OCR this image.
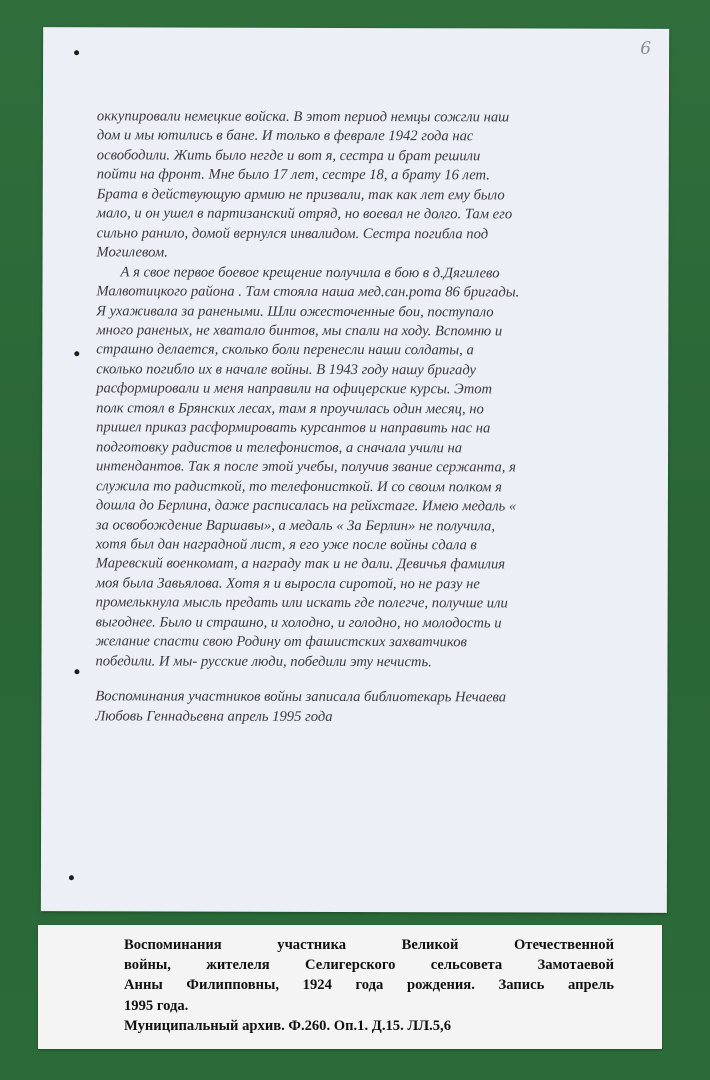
6
оккупировали немецкие войска. В этот период немцы сожгли наш
дом и мы ютились в бане. И только в феврале 1942 года нас
освободили. Жить было негде и вот я, сестра и брат решили
пойти на фронт. Мне было 17 лет, сестре 18, а брату 16 лет.
Брата в действующую армию не призвали, так как лет ему было
мало, и он ушел в партизанский отряд, но воевал не долго. Там его
сильно ранило, домой вернулся инвалидом. Сестра погибла под
Могилевом.
А я свое первое боевое крещение получила в бою в д.Дягилево
Малвотицкого района . Там стояла наша мед.сан.рота 86 бригады.
Я ухаживала за ранеными. Шли ожесточенные бои, поступало
много раненых, не хватало бинтов, мы спали на ходу. Вспомню и
страшно делается, сколько боли перенесли наши солдаты, а
сколько погибло их в начале войны. В 1943 году нашу бригаду
расформировали и меня направили на офицерские курсы. Этот
полк стоял в Брянских лесах, там я проучилась один месяц, но
пришел приказ расформировать курсантов и направить нас на
подготовку радистов и телефонистов, а сначала учили на
интендантов. Так я после этой учебы, получив звание сержанта, я
служила то радисткой, то телефонисткой. И со своим полком я
дошла до Берлина, даже расписалась на рейхстаге. Имею медаль «
за освобождение Варшавы», а медаль « За Берлин» не получила,
хотя был дан наградной лист, я его уже после войны сдала в
Маревский военкомат, а награду так и не дали. Девичья фамилия
моя была Завьялова. Хотя я и выросла сиротой, но не разу не
промелькнула мысль предать или искать где полегче, получше или
выгоднее. Было и страшно, и холодно, и голодно, но молодость и
желание спасти свою Родину от фашистских захватчиков
победили. И мы- русские люди, победили эту нечисть.
Воспоминания участников войны записала библиотекарь Нечаева
Любовь Геннадьевна апрель 1995 года
Воспоминания участника Великой Отечественной
войны, жителеля Селигерского сельсовета Замотаевой
Анны Филипповны, 1924 года рождения. Запись апрель
1995 года.
Муниципальный архив. Ф.260. Оп.1. Д.15. ЛЛ.5,6
